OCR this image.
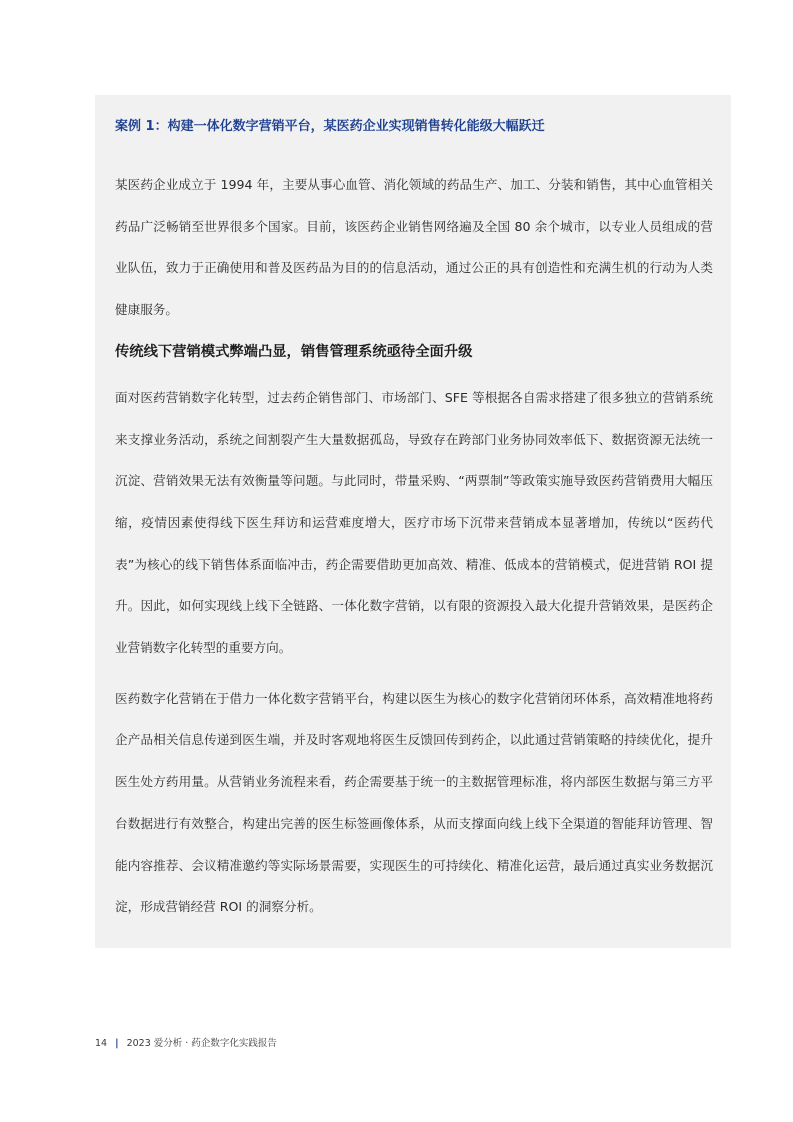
案例 1：构建一体化数字营销平台，某医药企业实现销售转化能级大幅跃迁

某医药企业成立于 1994 年，主要从事心血管、消化领域的药品生产、加工、分装和销售，其中心血管相关药品广泛畅销至世界很多个国家。目前，该医药企业销售网络遍及全国 80 余个城市，以专业人员组成的营业队伍，致力于正确使用和普及医药品为目的的信息活动，通过公正的具有创造性和充满生机的行动为人类健康服务。

传统线下营销模式弊端凸显，销售管理系统亟待全面升级

面对医药营销数字化转型，过去药企销售部门、市场部门、SFE 等根据各自需求搭建了很多独立的营销系统来支撑业务活动，系统之间割裂产生大量数据孤岛，导致存在跨部门业务协同效率低下、数据资源无法统一沉淀、营销效果无法有效衡量等问题。与此同时，带量采购、“两票制”等政策实施导致医药营销费用大幅压缩，疫情因素使得线下医生拜访和运营难度增大，医疗市场下沉带来营销成本显著增加，传统以“医药代表”为核心的线下销售体系面临冲击，药企需要借助更加高效、精准、低成本的营销模式，促进营销 ROI 提升。因此，如何实现线上线下全链路、一体化数字营销，以有限的资源投入最大化提升营销效果，是医药企业营销数字化转型的重要方向。

医药数字化营销在于借力一体化数字营销平台，构建以医生为核心的数字化营销闭环体系，高效精准地将药企产品相关信息传递到医生端，并及时客观地将医生反馈回传到药企，以此通过营销策略的持续优化，提升医生处方药用量。从营销业务流程来看，药企需要基于统一的主数据管理标准，将内部医生数据与第三方平台数据进行有效整合，构建出完善的医生标签画像体系，从而支撑面向线上线下全渠道的智能拜访管理、智能内容推荐、会议精准邀约等实际场景需要，实现医生的可持续化、精准化运营，最后通过真实业务数据沉淀，形成营销经营 ROI 的洞察分析。

14 | 2023 爱分析 · 药企数字化实践报告
